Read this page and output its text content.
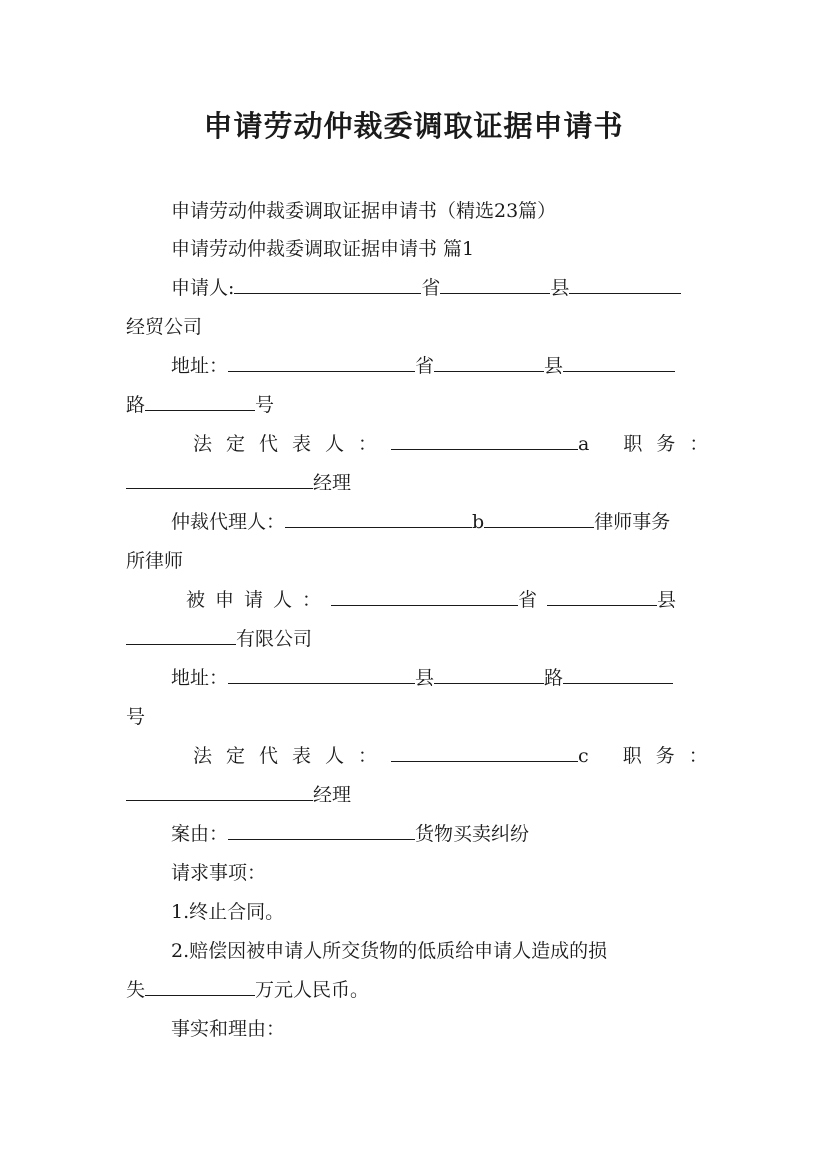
申请劳动仲裁委调取证据申请书
申请劳动仲裁委调取证据申请书（精选23篇）
申请劳动仲裁委调取证据申请书 篇1
申请人:	省	县
经贸公司
地址：	省	县
路	号
法定代表人：	a 职务：
经理
仲裁代理人：	b	律师事务
所律师
被申请人：	省	县
有限公司
地址：	县	路
号
法定代表人：	c 职务：
经理
案由：	货物买卖纠纷
请求事项：
1.终止合同。
2.赔偿因被申请人所交货物的低质给申请人造成的损
失	万元人民币。
事实和理由：
